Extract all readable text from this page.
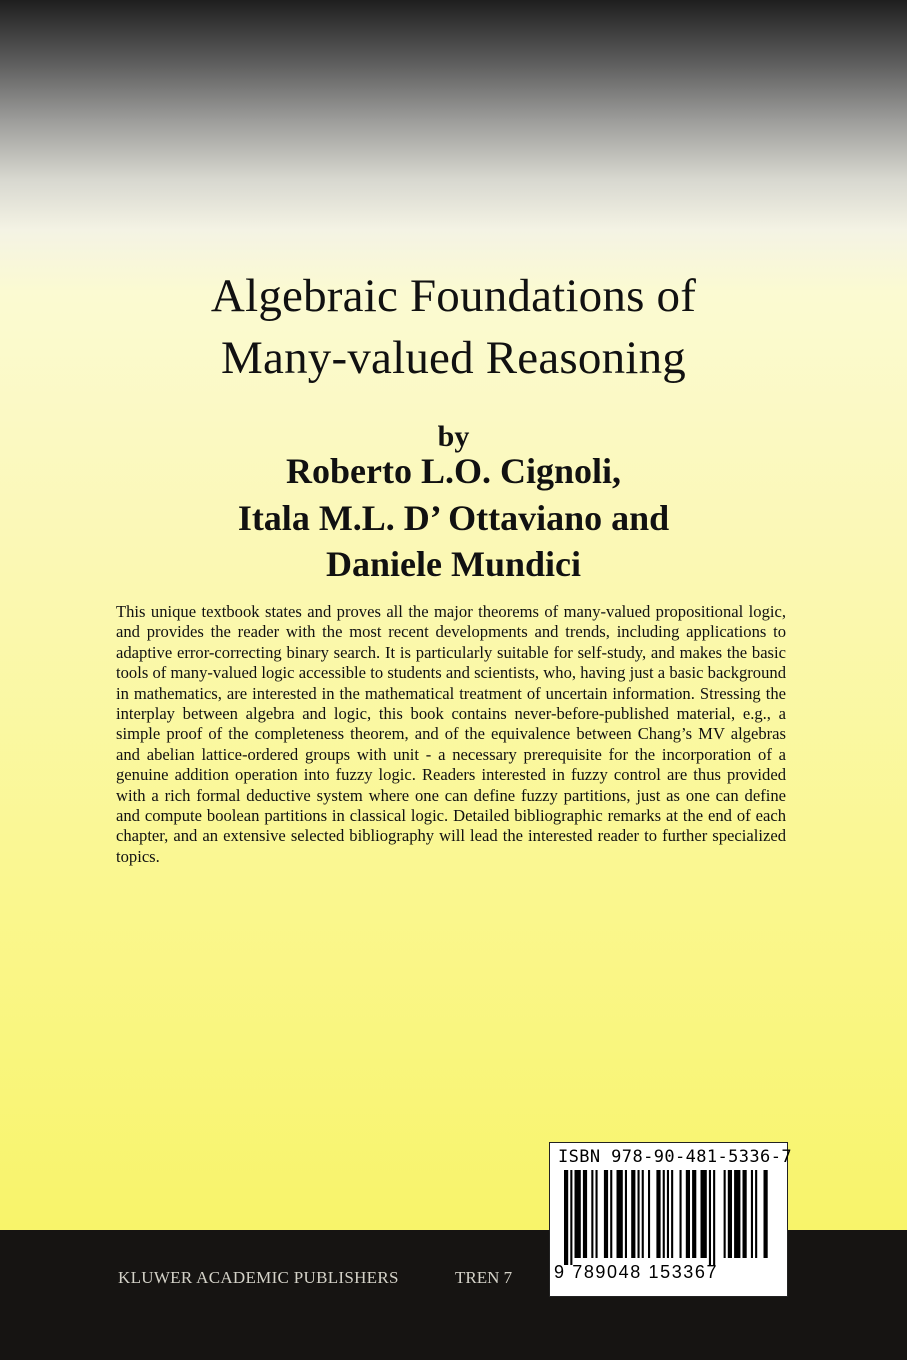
Algebraic Foundations of
Many-valued Reasoning
by
Roberto L.O. Cignoli,
Itala M.L. D’ Ottaviano and
Daniele Mundici
This unique textbook states and proves all the major theorems of many-valued propositional logic, and provides the reader with the most recent developments and trends, including applications to adaptive error-correcting binary search. It is particularly suitable for self-study, and makes the basic tools of many-valued logic accessible to students and scientists, who, having just a basic background in mathematics, are interested in the mathematical treatment of uncertain information. Stressing the interplay between algebra and logic, this book contains never-before-published material, e.g., a simple proof of the completeness theorem, and of the equivalence between Chang’s MV algebras and abelian lattice-ordered groups with unit - a necessary prerequisite for the incorporation of a genuine addition operation into fuzzy logic. Readers interested in fuzzy control are thus provided with a rich formal deductive system where one can define fuzzy partitions, just as one can define and compute boolean partitions in classical logic. Detailed bibliographic remarks at the end of each chapter, and an extensive selected bibliography will lead the interested reader to further specialized topics.
KLUWER ACADEMIC PUBLISHERS	TREN 7
ISBN 978-90-481-5336-7
9 789048 153367
